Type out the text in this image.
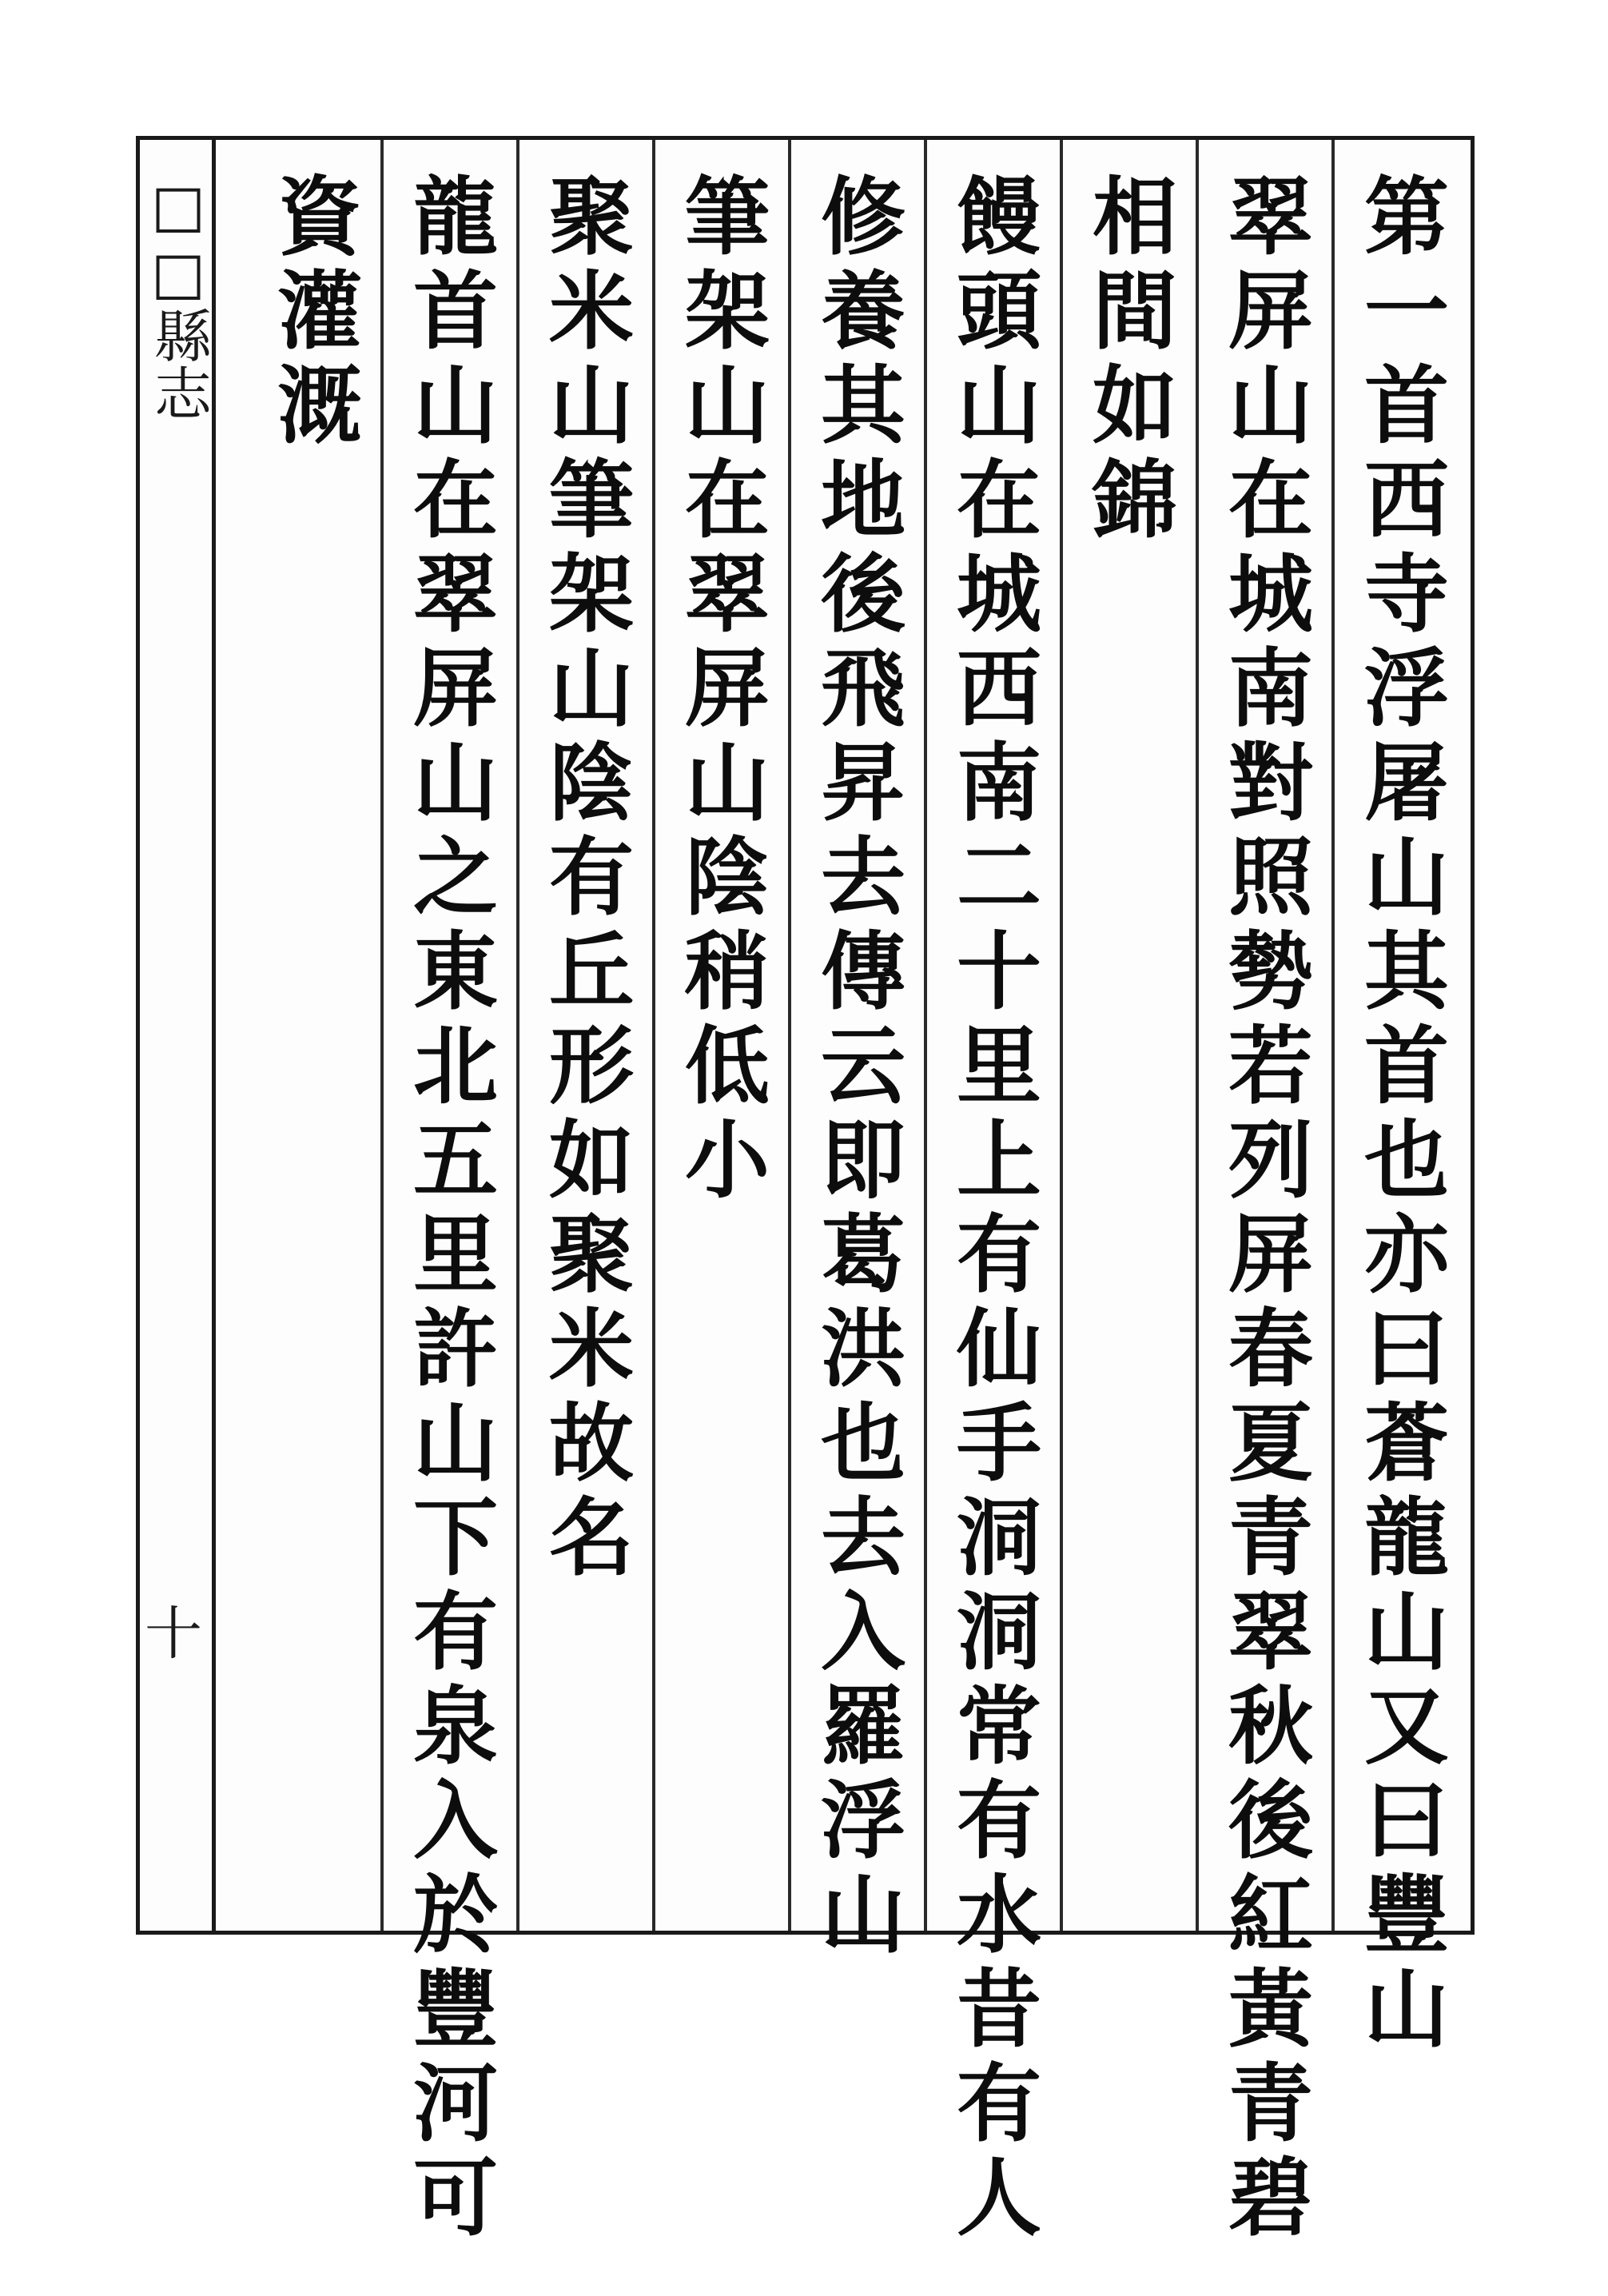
□□縣志
十	第一首西寺浮屠山其首也亦曰蒼龍山又曰豐山
翠屏山在城南對照勢若列屏春夏青翠秋後紅黃青碧
相間如錦
饅頭山在城西南二十里上有仙手洞洞常有水昔有人
修養其地後飛昇去傳云即葛洪也去入羅浮山
筆架山在翠屏山陰稍低小
聚米山筆架山陰有丘形如聚米故名
龍首山在翠屏山之東北五里許山下有泉入於豐河可
資灌溉
